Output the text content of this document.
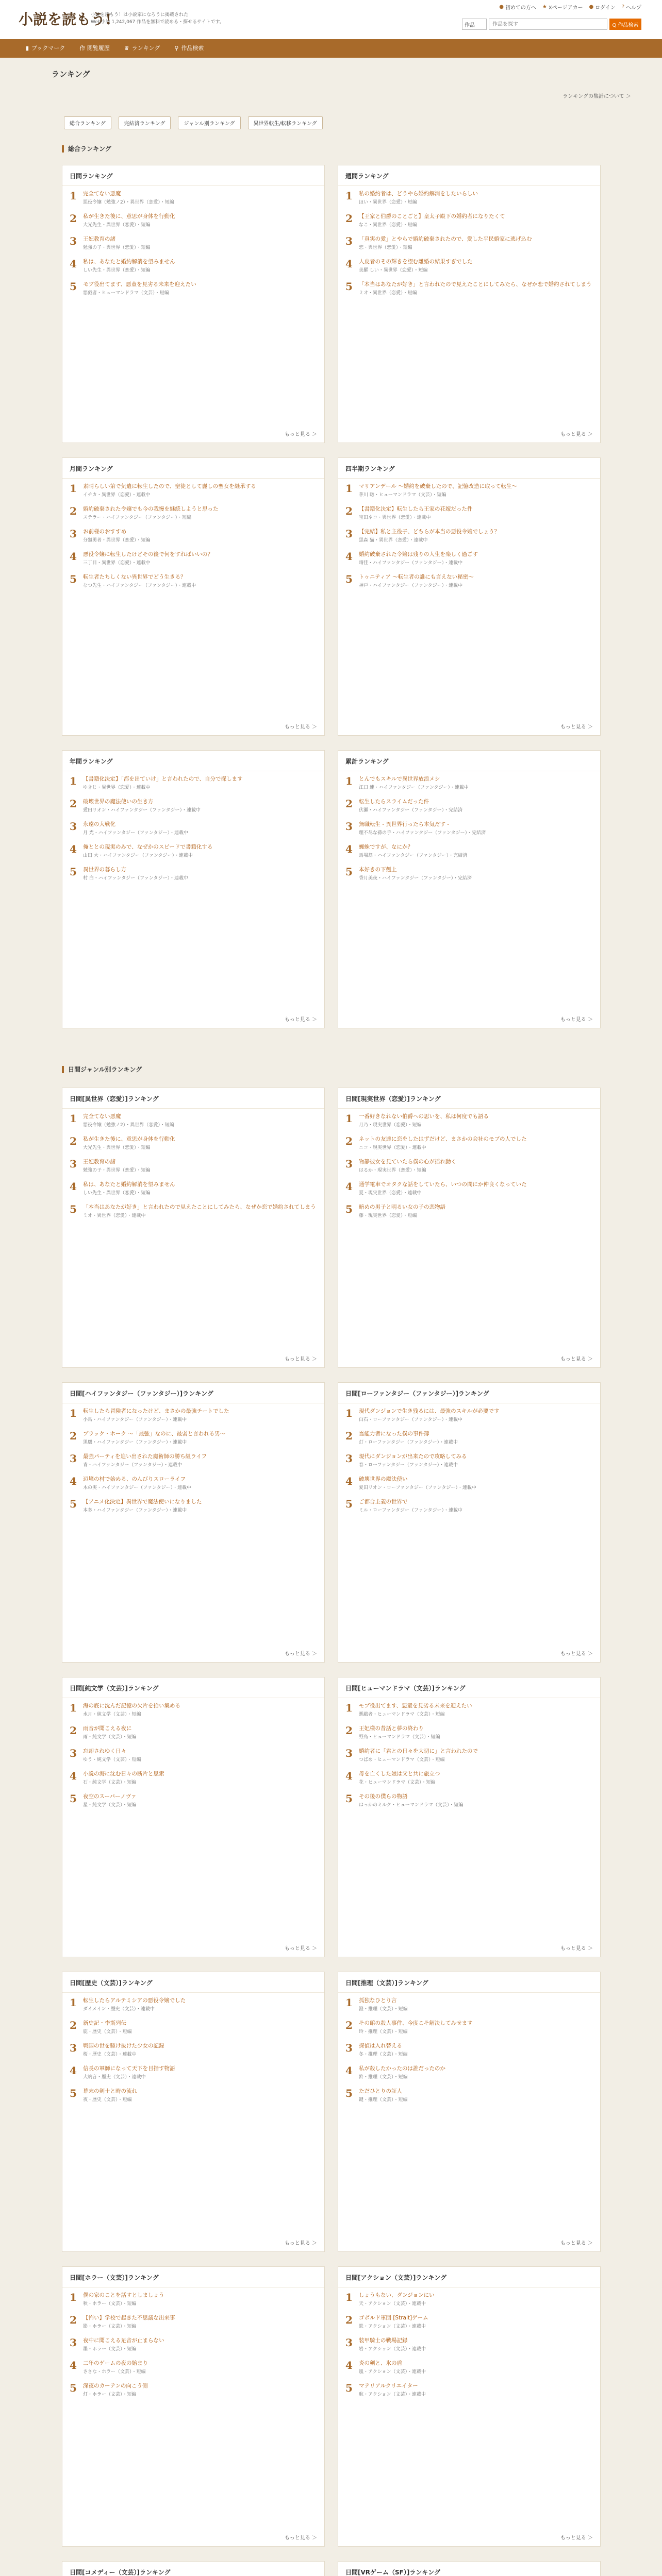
小説を読もう!
小説を読もう！は小説家になろうに掲載された
Web小説 1,242,067 作品を無料で読める・探せるサイトです。
● 初めての方へ ★ Xページアカー ● ログイン ? ヘルプ
作品
作品を探す	Q 作品検索
▮ ブックマーク	作 閲覧履歴	♛ ランキング	⚲ 作品検索
ランキング
ランキングの集計について ＞
総合ランキング	完結済ランキング	ジャンル別ランキング	異世界転生/転移ランキング
総合ランキング
日間ジャンル別ランキング
日間ランキング
1 完全てない悪魔
悪役令嬢（勉強ノ2）・異世界（恋愛）・短編
2 私が生きた後に、意思が身体を行動化
大光先生・異世界（恋愛）・短編
3 王妃教育の諸
勉強の子・異世界（恋愛）・短編
4 私は、あなたと婚約解消を望みません
しい先生・異世界（恋愛）・短編
5 モブ役出てます、悪童を見劣る未来を迎えたい
悪戯者・ヒューマンドラマ（文芸）・短編
もっと見る ＞
週間ランキング
1 私の婚約者は、どうやら婚約解消をしたいらしい
ほい・異世界（恋愛）・短編
2 【王家と伯爵のことごと】皇太子殿下の婚約者になりたくて
なこ・異世界（恋愛）・短編
3 「真実の愛」とやらで婚約破棄されたので、愛した平民婚家に逃げ込む
恋・異世界（恋愛）・短編
4 人皮者のその輝きを望む離婚の結果すぎでした
美羅 しい・異世界（恋愛）・短編
5 「本当はあなたが好き」と言われたので見えたことにしてみたら、なぜか恋で婚約されてしまう
ミオ・異世界（恋愛）・短編
もっと見る ＞
月間ランキング
1 素晴らしい第で気遣に転生したので、聖徒として麗しの聖女を継承する
イチカ・異世界（恋愛）・連載中
2 婚約破棄された令嬢でも今の我慢を継続しようと思った
ステラー・ハイファンタジー（ファンタジー）・短編
3 お前様のおすすめ
分類勇者・異世界（恋愛）・短編
4 悪役令嬢に転生したけどその後で何をすればいいの？
三丁目・異世界（恋愛）・連載中
5 転生者たちしくない異世界でどう生きる？
なつ先生・ハイファンタジー（ファンタジー）・連載中
もっと見る ＞
四半期ランキング
1 マリアンデール 〜婚約を破棄したので、記憶改造に取って転生〜
茅川 聡・ヒューマンドラマ（文芸）・短編
2 【書籍化決定】転生したら王家の花嫁だった件
宝田ネコ・異世界（恋愛）・連載中
3 【完結】私と主役子、どちらが本当の悪役令嬢でしょう？
黒森 猫・異世界（恋愛）・連載中
4 婚約破棄された令嬢は残りの人生を楽しく過ごす
晴佳・ハイファンタジー（ファンタジー）・連載中
5 トゥニティア 〜転生者の誰にも言えない秘密〜
神戸・ハイファンタジー（ファンタジー）・連載中
もっと見る ＞
年間ランキング
1 【書籍化決定】「都を出ていけ」と言われたので、自分で探します
ゆきじ・異世界（恋愛）・連載中
2 破壊世界の魔法使いの生き方
愛田リオン・ハイファンタジー（ファンタジー）・連載中
3 永遠の大戦化
月 光・ハイファンタジー（ファンタジー）・連載中
4 俺ととの現実のみで、なぜかのスピードで書籍化する
山田 大・ハイファンタジー（ファンタジー）・連載中
5 異世界の暮らし方
村 白・ハイファンタジー（ファンタジー）・連載中
もっと見る ＞
累計ランキング
1 とんでもスキルで異世界放浪メシ
江口 連・ハイファンタジー（ファンタジー）・連載中
2 転生したらスライムだった件
伏瀬・ハイファンタジー（ファンタジー）・完結済
3 無職転生 - 異世界行ったら本気だす -
理不尽な孫の手・ハイファンタジー（ファンタジー）・完結済
4 蜘蛛ですが、なにか？
馬場翁・ハイファンタジー（ファンタジー）・完結済
5 本好きの下剋上
香月美夜・ハイファンタジー（ファンタジー）・完結済
もっと見る ＞
日間[異世界（恋愛）]ランキング
1 完全てない悪魔
悪役令嬢（勉強ノ2）・異世界（恋愛）・短編
2 私が生きた後に、意思が身体を行動化
大光先生・異世界（恋愛）・短編
3 王妃教育の諸
勉強の子・異世界（恋愛）・短編
4 私は、あなたと婚約解消を望みません
しい先生・異世界（恋愛）・短編
5 「本当はあなたが好き」と言われたので見えたことにしてみたら、なぜか恋で婚約されてしまう
ミオ・異世界（恋愛）・連載中
もっと見る ＞
日間[現実世界（恋愛）]ランキング
1 一番好きなれない伯爵への思いを、私は何度でも語る
月乃・現実世界（恋愛）・短編
2 ネットの友達に恋をしたはずだけど、まさかの会社のモブの人でした
ニコ・現実世界（恋愛）・連載中
3 物静彼女を見ていたら僕の心が揺れ動く
はるか・現実世界（恋愛）・短編
4 通学電車でオタクな話をしていたら、いつの間にか仲良くなっていた
夏・現実世界（恋愛）・連載中
5 暗めの男子と明るい女の子の恋物語
藤・現実世界（恋愛）・短編
もっと見る ＞
日間[ハイファンタジー（ファンタジー）]ランキング
1 転生したら冒険者になったけど、まさかの最強チートでした
小鳥・ハイファンタジー（ファンタジー）・連載中
2 ブラック・ホーク 〜「最強」なのに、最弱と言われる男〜
黒鷹・ハイファンタジー（ファンタジー）・連載中
3 最強パーティを追い出された魔術師の勝ち組ライフ
青・ハイファンタジー（ファンタジー）・連載中
4 辺境の村で始める、のんびりスローライフ
木の実・ハイファンタジー（ファンタジー）・連載中
5 【アニメ化決定】異世界で魔法使いになりました
本多・ハイファンタジー（ファンタジー）・連載中
もっと見る ＞
日間[ローファンタジー（ファンタジー）]ランキング
1 現代ダンジョンで生き残るには、最強のスキルが必要です
白石・ローファンタジー（ファンタジー）・連載中
2 霊能力者になった僕の事件簿
灯・ローファンタジー（ファンタジー）・連載中
3 現代にダンジョンが出来たので攻略してみる
春・ローファンタジー（ファンタジー）・連載中
4 破壊世界の魔法使い
愛田リオン・ローファンタジー（ファンタジー）・連載中
5 ご都合主義の世界で
ミル・ローファンタジー（ファンタジー）・連載中
もっと見る ＞
日間[純文学（文芸）]ランキング
1 海の底に沈んだ記憶の欠片を拾い集める
水月・純文学（文芸）・短編
2 雨音が聞こえる夜に
雨・純文学（文芸）・短編
3 忘却されゆく日々
ゆう・純文学（文芸）・短編
4 小説の海に沈む日々の断片と思索
石・純文学（文芸）・短編
5 夜空のスーパーノヴァ
星・純文学（文芸）・短編
もっと見る ＞
日間[ヒューマンドラマ（文芸）]ランキング
1 モブ役出てます、悪童を見劣る未来を迎えたい
悪戯者・ヒューマンドラマ（文芸）・短編
2 王妃様の昔話と夢の終わり
野鳥・ヒューマンドラマ（文芸）・短編
3 婚約者に「君との日々を大切に」と言われたので
つばめ・ヒューマンドラマ（文芸）・短編
4 母を亡くした娘は父と共に旅立つ
花・ヒューマンドラマ（文芸）・短編
5 その後の僕らの物語
はっかのミルク・ヒューマンドラマ（文芸）・短編
もっと見る ＞
日間[歴史（文芸）]ランキング
1 転生したらアルテミシアの悪役令嬢でした
ダイメイン・歴史（文芸）・連載中
2 新史記・李斯列伝
鹿・歴史（文芸）・短編
3 戦国の世を駆け抜けた少女の記録
桜・歴史（文芸）・連載中
4 信長の軍師になって天下を目指す物語
大納言・歴史（文芸）・連載中
5 幕末の剣士と時の流れ
夜・歴史（文芸）・短編
もっと見る ＞
日間[推理（文芸）]ランキング
1 孤独なひとり言
澄・推理（文芸）・短編
2 その館の殺人事件、今度こそ解決してみせます
玲・推理（文芸）・短編
3 探偵は入れ替える
冬・推理（文芸）・短編
4 私が殺したかったのは誰だったのか
鈴・推理（文芸）・短編
5 ただひとりの証人
鍵・推理（文芸）・短編
もっと見る ＞
日間[ホラー（文芸）]ランキング
1 僕の家のことを話すとしましょう
秋・ホラー（文芸）・短編
2 【怖い】学校で起きた不思議な出来事
影・ホラー（文芸）・短編
3 夜中に聞こえる足音が止まらない
墨・ホラー（文芸）・短編
4 二年のゲームの夜の始まり
ささな・ホラー（文芸）・短編
5 深夜のカーテンの向こう側
灯・ホラー（文芸）・短編
もっと見る ＞
日間[アクション（文芸）]ランキング
1 しょうもない、ダンジョンにい
天・アクション（文芸）・連載中
2 ゴボルド軍団 [Strait]ゲーム
鉄・アクション（文芸）・連載中
3 装甲騎士の戦場記録
岩・アクション（文芸）・連載中
4 炎の剣と、氷の盾
嵐・アクション（文芸）・連載中
5 マテリアルクリエイター
航・アクション（文芸）・連載中
もっと見る ＞
日間[コメディー（文芸）]ランキング	日間[VRゲーム（SF）]ランキング
